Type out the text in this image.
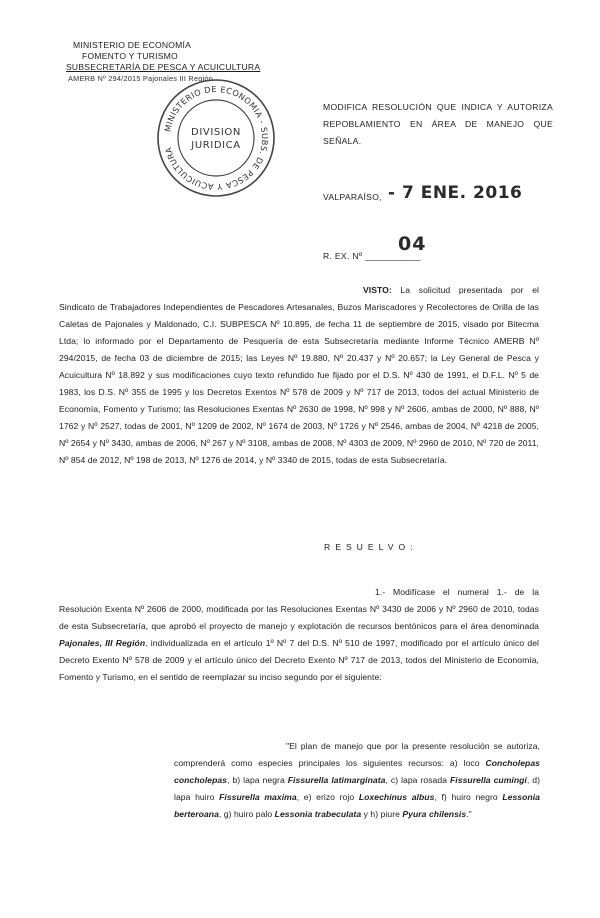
MINISTERIO DE ECONOMÍA
FOMENTO Y TURISMO
SUBSECRETARÍA DE PESCA Y ACUICULTURA
AMERB Nº 294/2015 Pajonales III Región
MINISTERIO DE ECONOMIA - SUBS. DE PESCA Y ACUICULTURA
DIVISION
JURIDICA
MODIFICA RESOLUCIÓN QUE INDICA Y AUTORIZA REPOBLAMIENTO EN ÁREA DE MANEJO QUE SEÑALA.
VALPARAÍSO, - 7 ENE. 2016
04
R. EX. Nº ___________
VISTO: La solicitud presentada por el Sindicato de Trabajadores Independientes de Pescadores Artesanales, Buzos Mariscadores y Recolectores de Orilla de las Caletas de Pajonales y Maldonado, C.I. SUBPESCA Nº 10.895, de fecha 11 de septiembre de 2015, visado por Bitecma Ltda; lo informado por el Departamento de Pesquería de esta Subsecretaría mediante Informe Técnico AMERB Nº 294/2015, de fecha 03 de diciembre de 2015; las Leyes Nº 19.880, Nº 20.437 y Nº 20.657; la Ley General de Pesca y Acuicultura Nº 18.892 y sus modificaciones cuyo texto refundido fue fijado por el D.S. Nº 430 de 1991, el D.F.L. Nº 5 de 1983, los D.S. Nº 355 de 1995 y los Decretos Exentos Nº 578 de 2009 y Nº 717 de 2013, todos del actual Ministerio de Economía, Fomento y Turismo; las Resoluciones Exentas Nº 2630 de 1998, Nº 998 y Nº 2606, ambas de 2000, Nº 888, Nº 1762 y Nº 2527, todas de 2001, Nº 1209 de 2002, Nº 1674 de 2003, Nº 1726 y Nº 2546, ambas de 2004, Nº 4218 de 2005, Nº 2654 y Nº 3430, ambas de 2006, Nº 267 y Nº 3108, ambas de 2008, Nº 4303 de 2009, Nº 2960 de 2010, Nº 720 de 2011, Nº 854 de 2012, Nº 198 de 2013, Nº 1276 de 2014, y Nº 3340 de 2015, todas de esta Subsecretaría.
RESUELVO:
1.- Modifícase el numeral 1.- de la Resolución Exenta Nº 2606 de 2000, modificada por las Resoluciones Exentas Nº 3430 de 2006 y Nº 2960 de 2010, todas de esta Subsecretaría, que aprobó el proyecto de manejo y explotación de recursos bentónicos para el área denominada Pajonales, III Región, individualizada en el artículo 1º Nº 7 del D.S. Nº 510 de 1997, modificado por el artículo único del Decreto Exento Nº 578 de 2009 y el artículo único del Decreto Exento Nº 717 de 2013, todos del Ministerio de Economía, Fomento y Turismo, en el sentido de reemplazar su inciso segundo por el siguiente:
"El plan de manejo que por la presente resolución se autoriza, comprenderá como especies principales los siguientes recursos: a) loco Concholepas concholepas, b) lapa negra Fissurella latimarginata, c) lapa rosada Fissurella cumingi, d) lapa huiro Fissurella maxima, e) erizo rojo Loxechinus albus, f) huiro negro Lessonia berteroana, g) huiro palo Lessonia trabeculata y h) piure Pyura chilensis."
